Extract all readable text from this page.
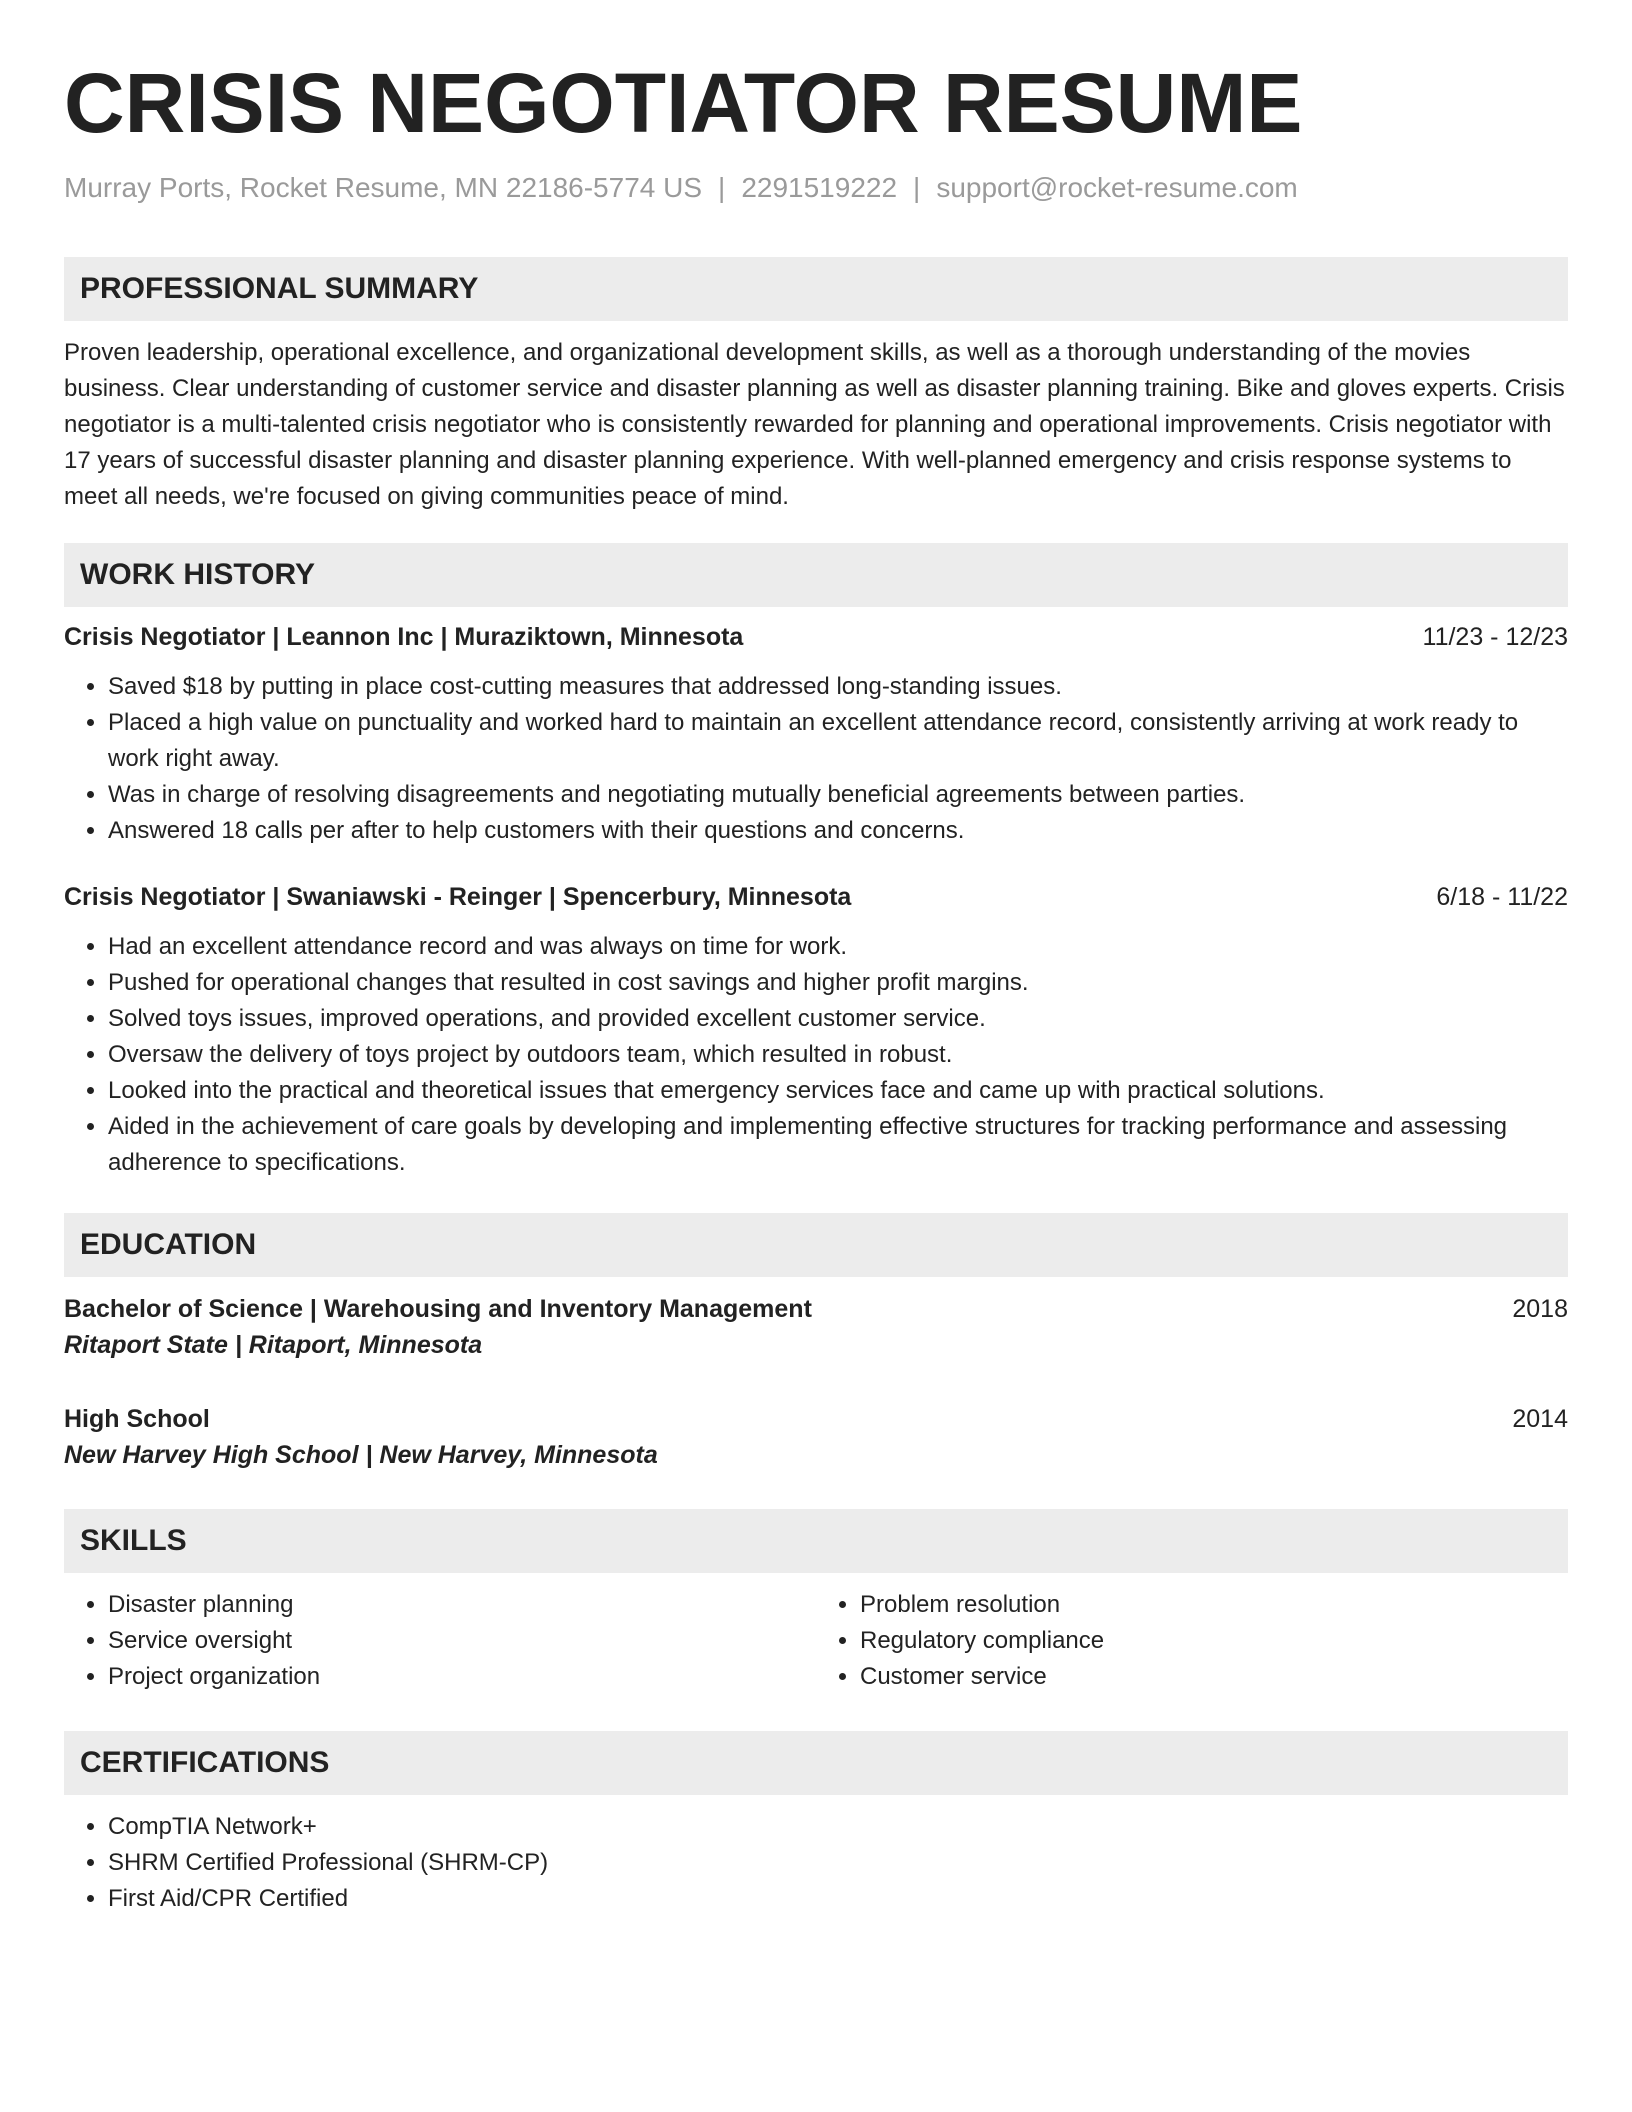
CRISIS NEGOTIATOR RESUME
Murray Ports, Rocket Resume, MN 22186-5774 US | 2291519222 | support@rocket-resume.com
PROFESSIONAL SUMMARY

Proven leadership, operational excellence, and organizational development skills, as well as a thorough understanding of the movies business. Clear understanding of customer service and disaster planning as well as disaster planning training. Bike and gloves experts. Crisis negotiator is a multi-talented crisis negotiator who is consistently rewarded for planning and operational improvements. Crisis negotiator with 17 years of successful disaster planning and disaster planning experience. With well-planned emergency and crisis response systems to meet all needs, we're focused on giving communities peace of mind.

WORK HISTORY
Crisis Negotiator | Leannon Inc | Muraziktown, Minnesota	11/23 - 12/23
• Saved $18 by putting in place cost-cutting measures that addressed long-standing issues.
• Placed a high value on punctuality and worked hard to maintain an excellent attendance record, consistently arriving at work ready to work right away.
• Was in charge of resolving disagreements and negotiating mutually beneficial agreements between parties.
• Answered 18 calls per after to help customers with their questions and concerns.
Crisis Negotiator | Swaniawski - Reinger | Spencerbury, Minnesota	6/18 - 11/22
• Had an excellent attendance record and was always on time for work.
• Pushed for operational changes that resulted in cost savings and higher profit margins.
• Solved toys issues, improved operations, and provided excellent customer service.
• Oversaw the delivery of toys project by outdoors team, which resulted in robust.
• Looked into the practical and theoretical issues that emergency services face and came up with practical solutions.
• Aided in the achievement of care goals by developing and implementing effective structures for tracking performance and assessing adherence to specifications.
EDUCATION
Bachelor of Science | Warehousing and Inventory Management	2018
Ritaport State | Ritaport, Minnesota
High School	2014
New Harvey High School | New Harvey, Minnesota
SKILLS
• Disaster planning
• Service oversight
• Project organization
• Problem resolution
• Regulatory compliance
• Customer service
CERTIFICATIONS
• CompTIA Network+
• SHRM Certified Professional (SHRM-CP)
• First Aid/CPR Certified
